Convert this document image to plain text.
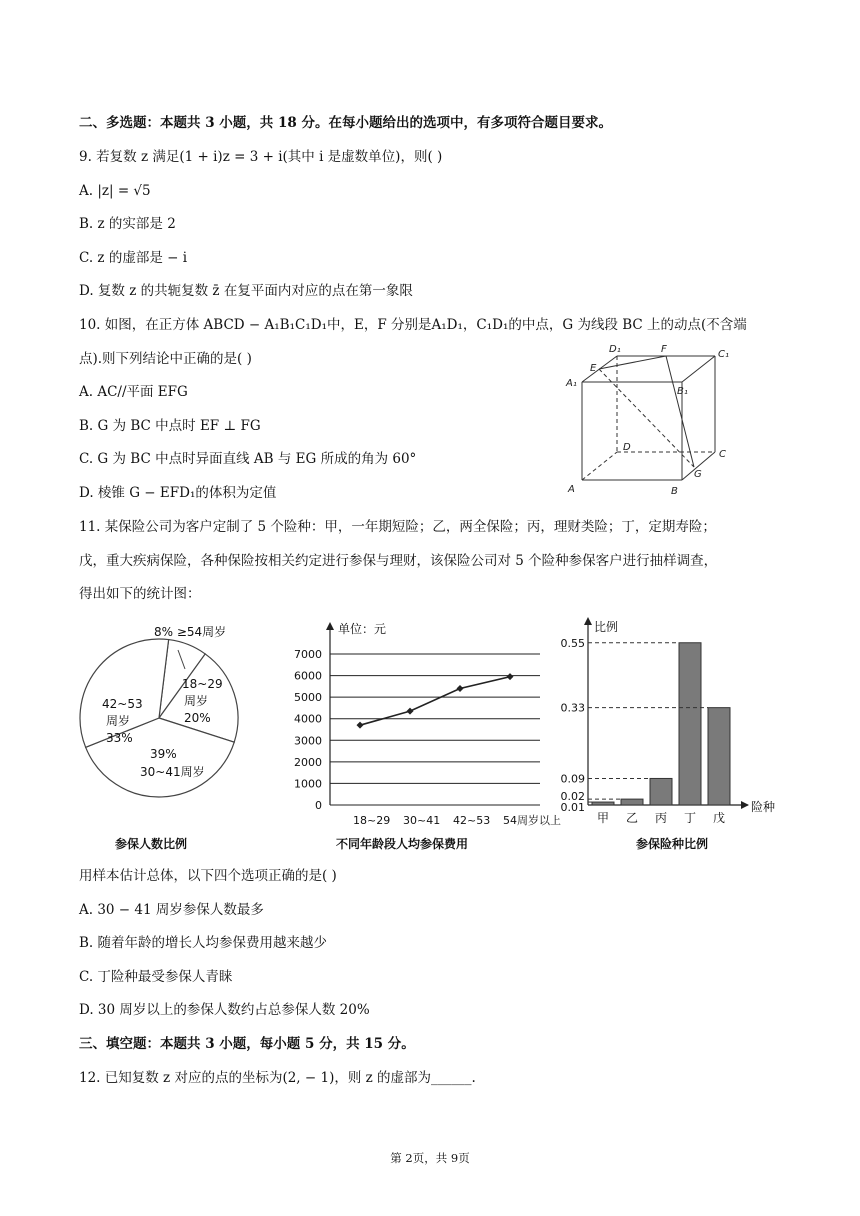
二、多选题：本题共 3 小题，共 18 分。在每小题给出的选项中，有多项符合题目要求。
9. 若复数 z 满足(1 + i)z = 3 + i(其中 i 是虚数单位)，则( )
A. |z| = √5
B. z 的实部是 2
C. z 的虚部是 − i
D. 复数 z 的共轭复数 z̄ 在复平面内对应的点在第一象限
10. 如图，在正方体 ABCD − A₁B₁C₁D₁中，E，F 分别是A₁D₁，C₁D₁的中点，G 为线段 BC 上的动点(不含端
点).则下列结论中正确的是( )
A. AC//平面 EFG
B. G 为 BC 中点时 EF ⊥ FG
C. G 为 BC 中点时异面直线 AB 与 EG 所成的角为 60°
D. 棱锥 G − EFD₁的体积为定值	A	B
C
D
A₁
B₁
C₁
D₁
E
F
G
11. 某保险公司为客户定制了 5 个险种：甲，一年期短险；乙，两全保险；丙，理财类险；丁，定期寿险；
戊，重大疾病保险，各种保险按相关约定进行参保与理财，该保险公司对 5 个险种参保客户进行抽样调查，
得出如下的统计图：
8% ≥54周岁
18~29
周岁
20%
42~53
周岁
33%
39%
30~41周岁
参保人数比例
单位：元
0
1000
2000
3000
4000
5000
6000
7000
18~29 30~41 42~53 54周岁以上
不同年龄段人均参保费用
比例
险种
甲 乙 丙 丁 戊
0.01
0.02
0.09
0.33
0.55
参保险种比例
用样本估计总体，以下四个选项正确的是( )
A. 30 − 41 周岁参保人数最多
B. 随着年龄的增长人均参保费用越来越少
C. 丁险种最受参保人青睐
D. 30 周岁以上的参保人数约占总参保人数 20%
三、填空题：本题共 3 小题，每小题 5 分，共 15 分。
12. 已知复数 z 对应的点的坐标为(2, − 1)，则 z 的虚部为______.
第 2页，共 9页
